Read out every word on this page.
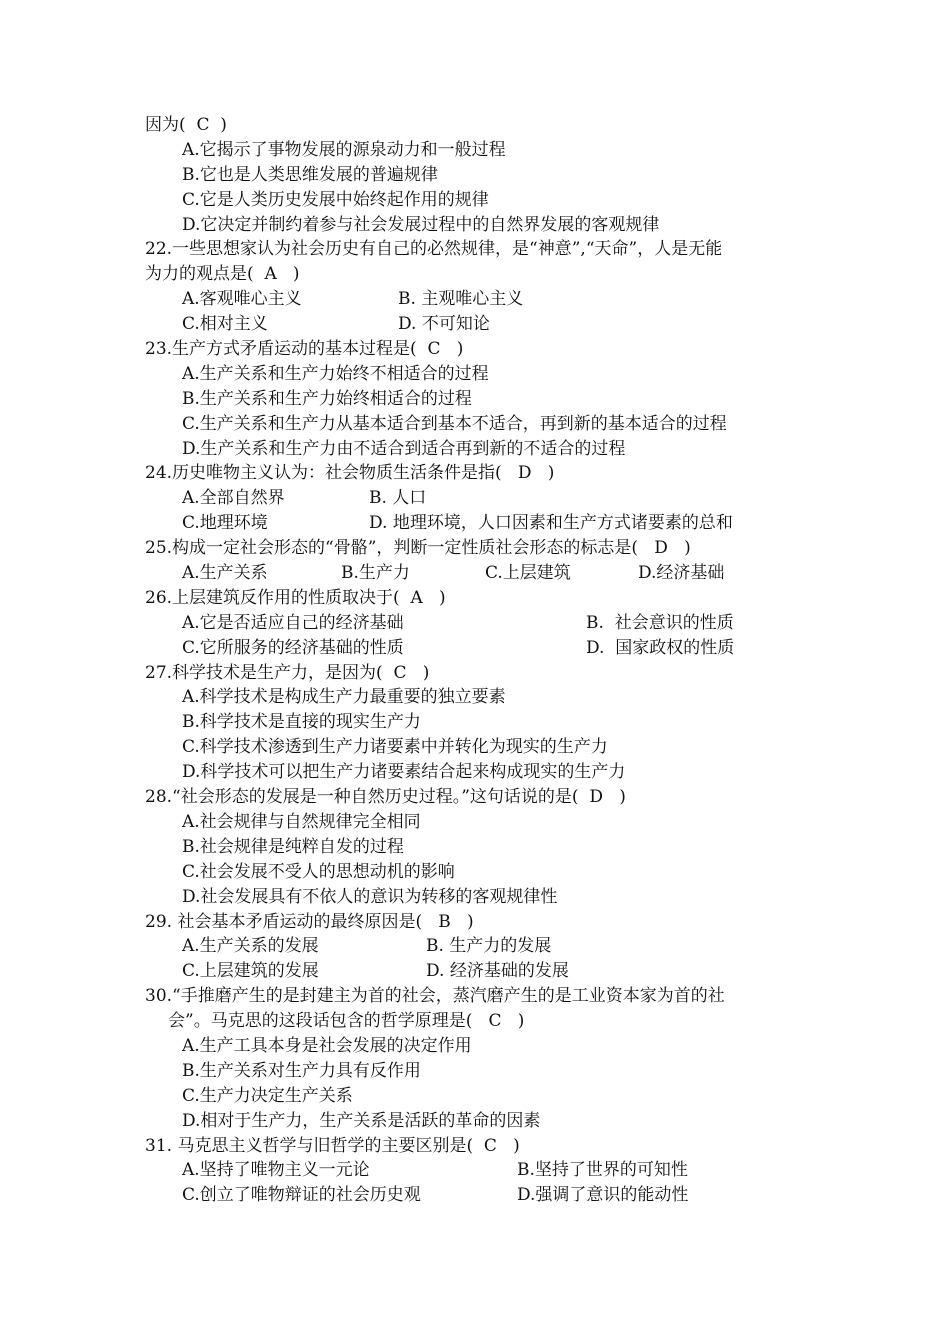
因为(  C  )
A.它揭示了事物发展的源泉动力和一般过程
B.它也是人类思维发展的普遍规律
C.它是人类历史发展中始终起作用的规律
D.它决定并制约着参与社会发展过程中的自然界发展的客观规律
22.一些思想家认为社会历史有自己的必然规律，是“神意”,“天命”，人是无能
为力的观点是(  A   )

A.客观唯心主义

	B. 主观唯心主义

C.相对主义

	D. 不可知论

23.生产方式矛盾运动的基本过程是(  C   )
A.生产关系和生产力始终不相适合的过程
B.生产关系和生产力始终相适合的过程
C.生产关系和生产力从基本适合到基本不适合，再到新的基本适合的过程
D.生产关系和生产力由不适合到适合再到新的不适合的过程
24.历史唯物主义认为：社会物质生活条件是指(   D   )

A.全部自然界

	B. 人口

C.地理环境

	D. 地理环境，人口因素和生产方式诸要素的总和

25.构成一定社会形态的“骨骼”，判断一定性质社会形态的标志是(   D   )

A.生产关系

	B.生产力

	C.上层建筑

	D.经济基础

26.上层建筑反作用的性质取决于(  A   )

A.它是否适应自己的经济基础

	B.  社会意识的性质

C.它所服务的经济基础的性质

	D.  国家政权的性质

27.科学技术是生产力，是因为(  C   )
A.科学技术是构成生产力最重要的独立要素
B.科学技术是直接的现实生产力
C.科学技术渗透到生产力诸要素中并转化为现实的生产力
D.科学技术可以把生产力诸要素结合起来构成现实的生产力
28.“社会形态的发展是一种自然历史过程。”这句话说的是(  D   )
A.社会规律与自然规律完全相同
B.社会规律是纯粹自发的过程
C.社会发展不受人的思想动机的影响
D.社会发展具有不依人的意识为转移的客观规律性
29. 社会基本矛盾运动的最终原因是(   B   )

A.生产关系的发展

	B. 生产力的发展

C.上层建筑的发展

	D. 经济基础的发展

30.“手推磨产生的是封建主为首的社会，蒸汽磨产生的是工业资本家为首的社
会”。马克思的这段话包含的哲学原理是(   C   )
A.生产工具本身是社会发展的决定作用
B.生产关系对生产力具有反作用
C.生产力决定生产关系
D.相对于生产力，生产关系是活跃的革命的因素
31. 马克思主义哲学与旧哲学的主要区别是(  C   )

A.坚持了唯物主义一元论

	B.坚持了世界的可知性

C.创立了唯物辩证的社会历史观

	D.强调了意识的能动性
